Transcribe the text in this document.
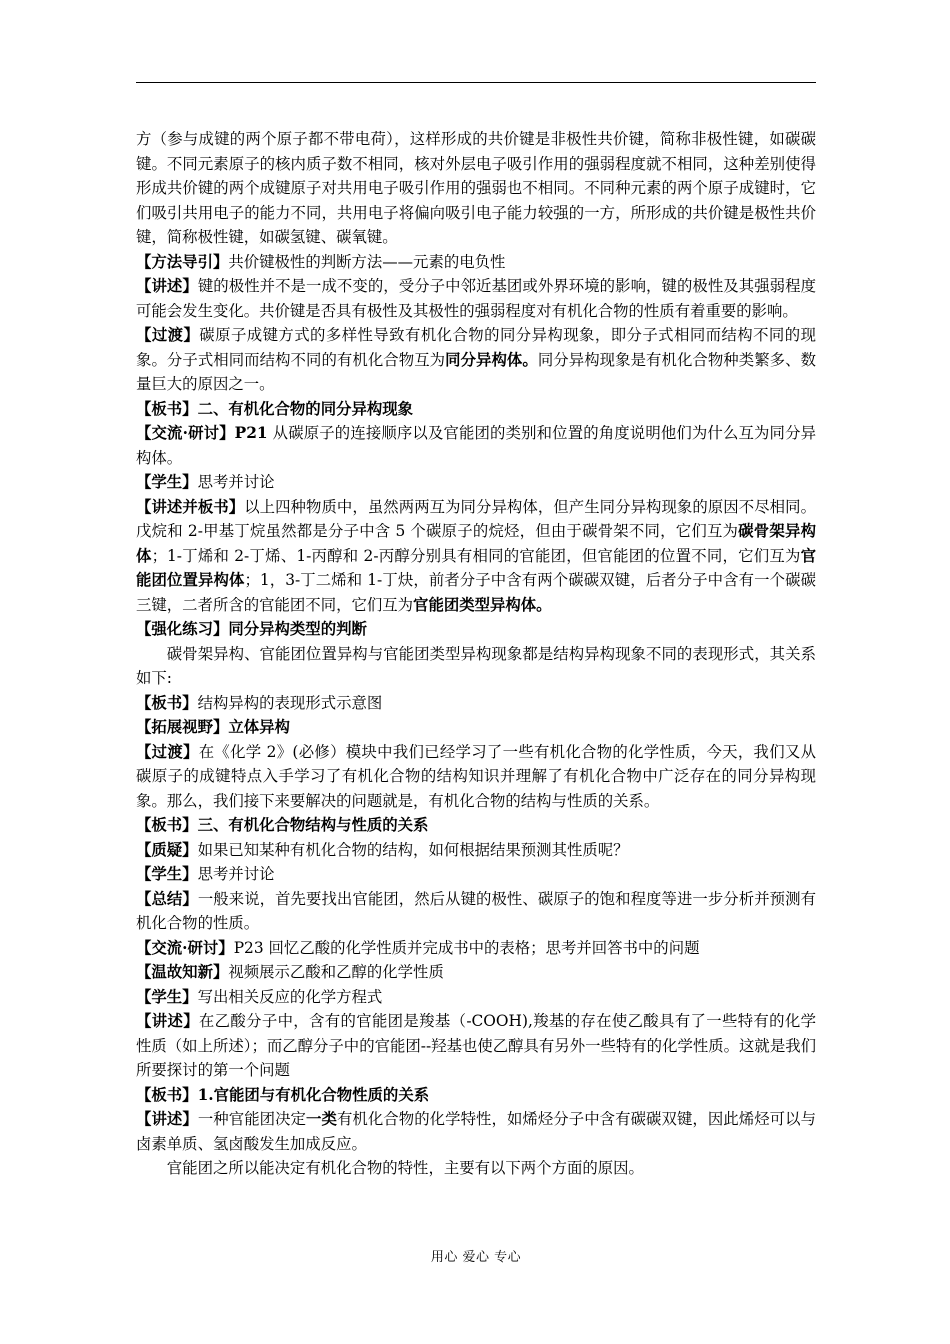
方（参与成键的两个原子都不带电荷），这样形成的共价键是非极性共价键，简称非极性键，如碳碳键。不同元素原子的核内质子数不相同，核对外层电子吸引作用的强弱程度就不相同，这种差别使得形成共价键的两个成键原子对共用电子吸引作用的强弱也不相同。不同种元素的两个原子成键时，它们吸引共用电子的能力不同，共用电子将偏向吸引电子能力较强的一方，所形成的共价键是极性共价键，简称极性键，如碳氢键、碳氧键。

【方法导引】共价键极性的判断方法——元素的电负性

【讲述】键的极性并不是一成不变的，受分子中邻近基团或外界环境的影响，键的极性及其强弱程度可能会发生变化。共价键是否具有极性及其极性的强弱程度对有机化合物的性质有着重要的影响。

【过渡】碳原子成键方式的多样性导致有机化合物的同分异构现象，即分子式相同而结构不同的现象。分子式相同而结构不同的有机化合物互为同分异构体。同分异构现象是有机化合物种类繁多、数量巨大的原因之一。

【板书】二、有机化合物的同分异构现象

【交流·研讨】P21 从碳原子的连接顺序以及官能团的类别和位置的角度说明他们为什么互为同分异构体。

【学生】思考并讨论

【讲述并板书】以上四种物质中，虽然两两互为同分异构体，但产生同分异构现象的原因不尽相同。戊烷和 2-甲基丁烷虽然都是分子中含 5 个碳原子的烷烃，但由于碳骨架不同，它们互为碳骨架异构体；1-丁烯和 2-丁烯、1-丙醇和 2-丙醇分别具有相同的官能团，但官能团的位置不同，它们互为官能团位置异构体；1，3-丁二烯和 1-丁炔，前者分子中含有两个碳碳双键，后者分子中含有一个碳碳三键，二者所含的官能团不同，它们互为官能团类型异构体。

【强化练习】同分异构类型的判断

碳骨架异构、官能团位置异构与官能团类型异构现象都是结构异构现象不同的表现形式，其关系如下:

【板书】结构异构的表现形式示意图

【拓展视野】立体异构

【过渡】在《化学 2》(必修）模块中我们已经学习了一些有机化合物的化学性质，今天，我们又从碳原子的成键特点入手学习了有机化合物的结构知识并理解了有机化合物中广泛存在的同分异构现象。那么，我们接下来要解决的问题就是，有机化合物的结构与性质的关系。

【板书】三、有机化合物结构与性质的关系

【质疑】如果已知某种有机化合物的结构，如何根据结果预测其性质呢？

【学生】思考并讨论

【总结】一般来说，首先要找出官能团，然后从键的极性、碳原子的饱和程度等进一步分析并预测有机化合物的性质。

【交流·研讨】P23 回忆乙酸的化学性质并完成书中的表格；思考并回答书中的问题

【温故知新】视频展示乙酸和乙醇的化学性质

【学生】写出相关反应的化学方程式

【讲述】在乙酸分子中，含有的官能团是羧基（-COOH),羧基的存在使乙酸具有了一些特有的化学性质（如上所述）；而乙醇分子中的官能团--羟基也使乙醇具有另外一些特有的化学性质。这就是我们所要探讨的第一个问题

【板书】1.官能团与有机化合物性质的关系

【讲述】一种官能团决定一类有机化合物的化学特性，如烯烃分子中含有碳碳双键，因此烯烃可以与卤素单质、氢卤酸发生加成反应。

官能团之所以能决定有机化合物的特性，主要有以下两个方面的原因。

用心 爱心 专心
